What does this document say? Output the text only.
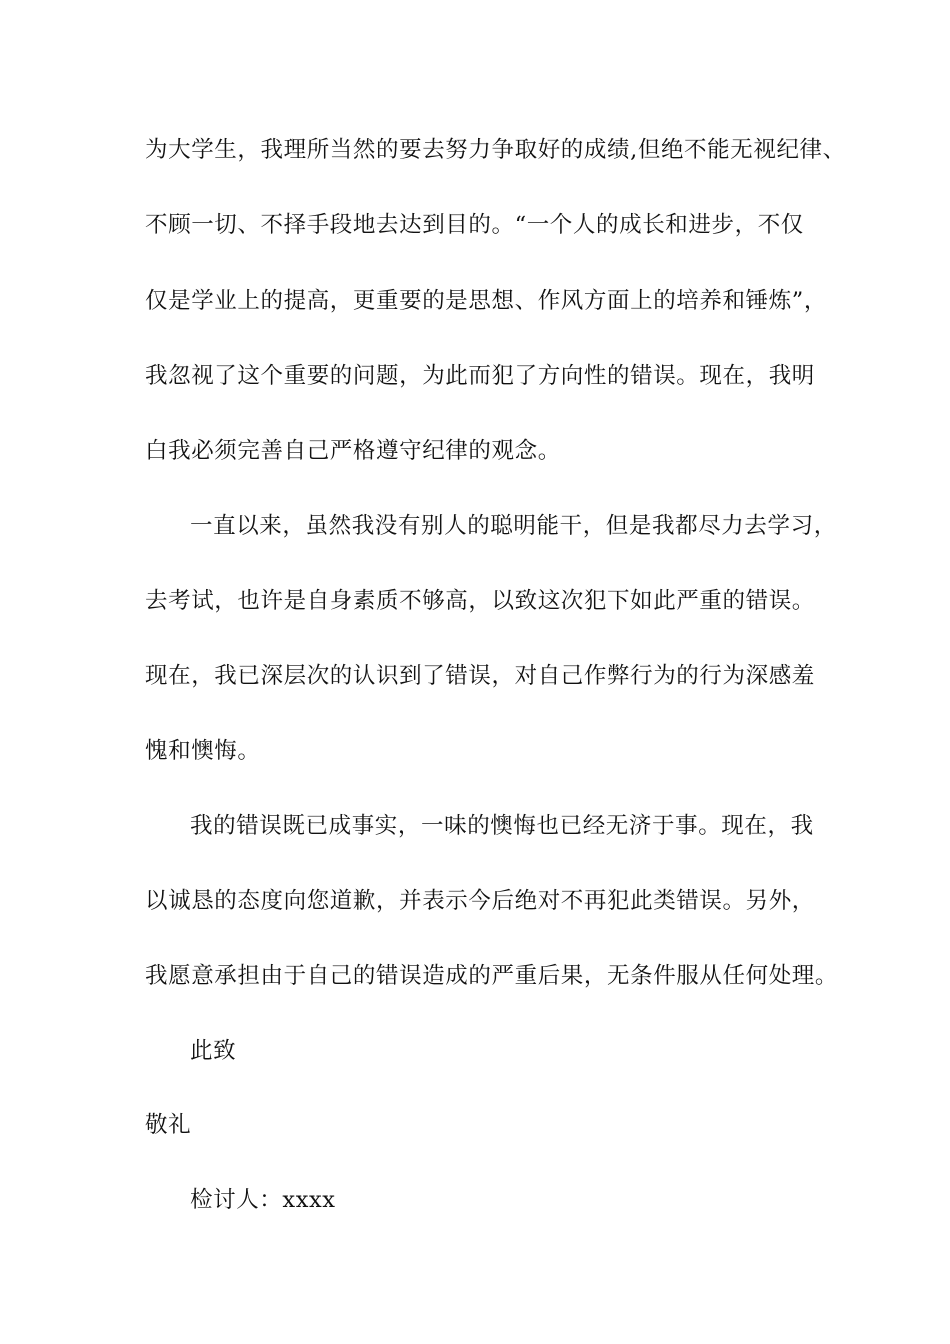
为大学生，我理所当然的要去努力争取好的成绩,但绝不能无视纪律、
不顾一切、不择手段地去达到目的。“一个人的成长和进步，不仅
仅是学业上的提高，更重要的是思想、作风方面上的培养和锤炼”，
我忽视了这个重要的问题，为此而犯了方向性的错误。现在，我明
白我必须完善自己严格遵守纪律的观念。
一直以来，虽然我没有别人的聪明能干，但是我都尽力去学习，
去考试，也许是自身素质不够高，以致这次犯下如此严重的错误。
现在，我已深层次的认识到了错误，对自己作弊行为的行为深感羞
愧和懊悔。
我的错误既已成事实，一味的懊悔也已经无济于事。现在，我
以诚恳的态度向您道歉，并表示今后绝对不再犯此类错误。另外，
我愿意承担由于自己的错误造成的严重后果，无条件服从任何处理。
此致
敬礼
检讨人：xxxx
